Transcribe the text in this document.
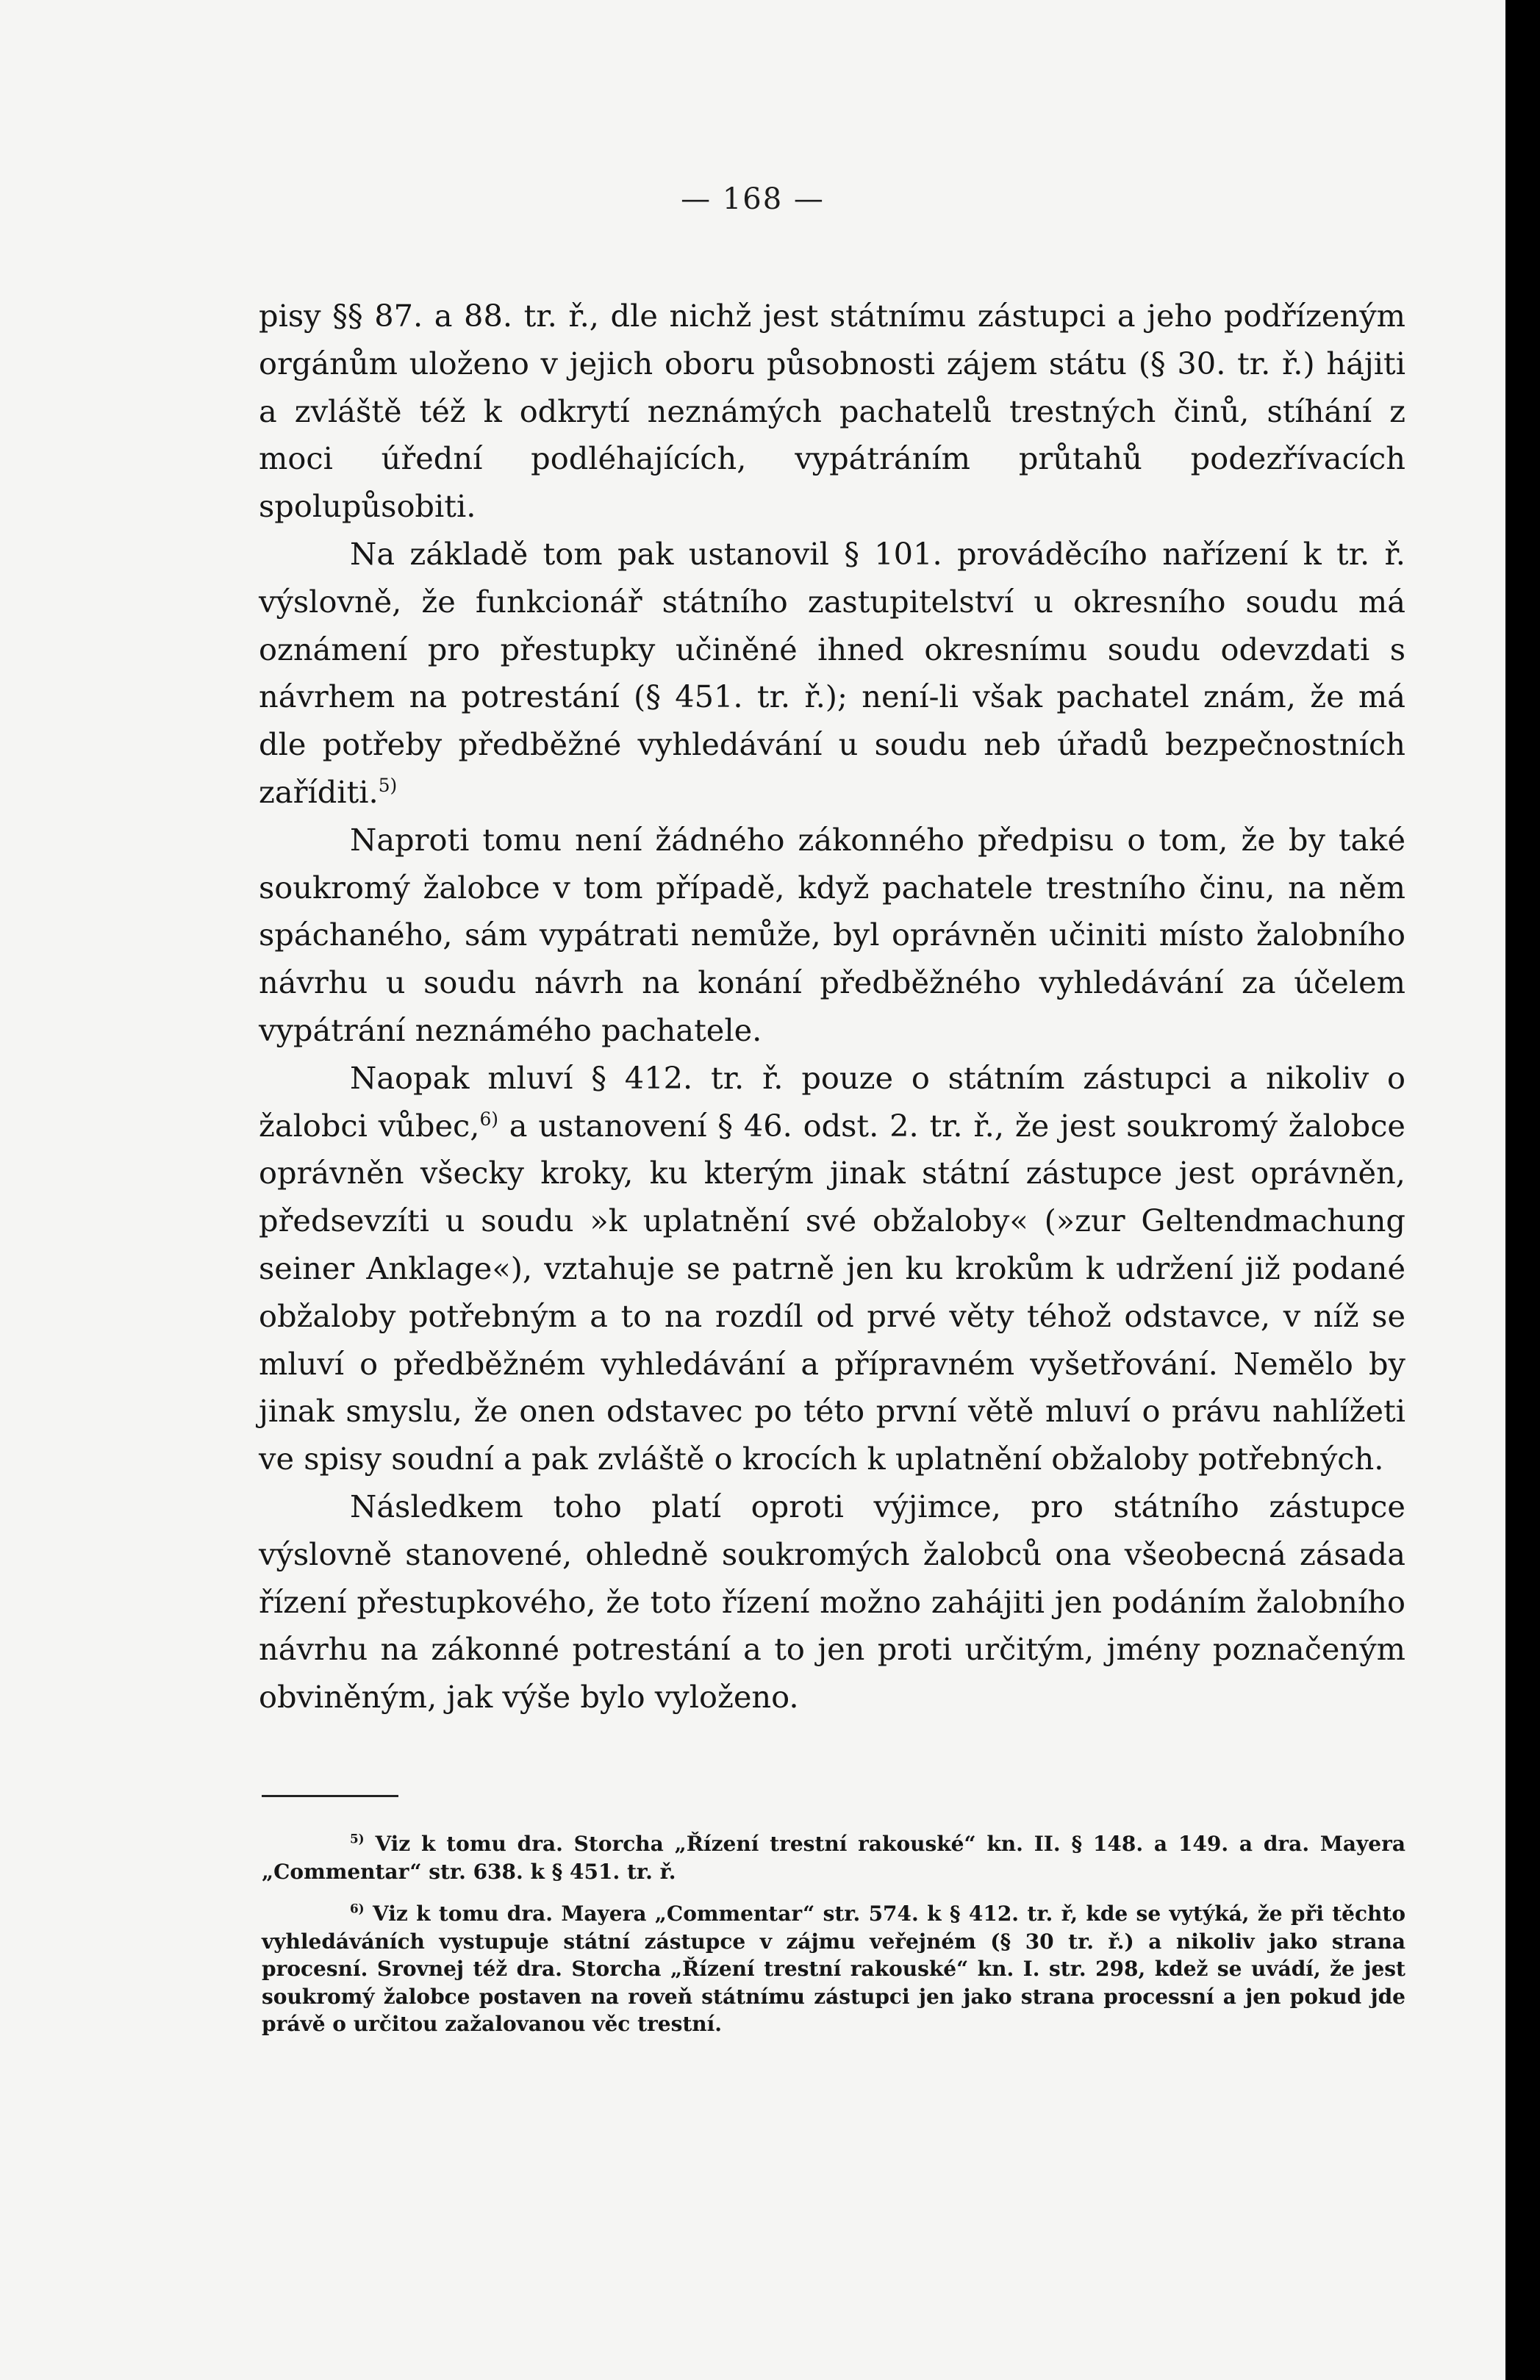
— 168 —

pisy §§ 87. a 88. tr. ř., dle nichž jest státnímu zástupci a jeho podřízeným orgánům uloženo v jejich oboru působnosti zájem státu (§ 30. tr. ř.) hájiti a zvláště též k odkrytí neznámých pachatelů trestných činů, stíhání z moci úřední podléhajících, vypátráním průtahů podezřívacích spolupůsobiti.

Na základě tom pak ustanovil § 101. prováděcího nařízení k tr. ř. výslovně, že funkcionář státního zastupitelství u okresního soudu má oznámení pro přestupky učiněné ihned okresnímu soudu odevzdati s návrhem na potrestání (§ 451. tr. ř.); není-li však pachatel znám, že má dle potřeby předběžné vyhledávání u soudu neb úřadů bezpečnostních zaříditi.$^{5)}$

Naproti tomu není žádného zákonného předpisu o tom, že by také soukromý žalobce v tom případě, když pachatele trestního činu, na něm spáchaného, sám vypátrati nemůže, byl oprávněn učiniti místo žalobního návrhu u soudu návrh na konání předběžného vyhledávání za účelem vypátrání neznámého pachatele.

Naopak mluví § 412. tr. ř. pouze o státním zástupci a nikoliv o žalobci vůbec,$^{6)}$ a ustanovení § 46. odst. 2. tr. ř., že jest soukromý žalobce oprávněn všecky kroky, ku kterým jinak státní zástupce jest oprávněn, předsevzíti u soudu »k uplatnění své obžaloby« (»zur Geltendmachung seiner Anklage«), vztahuje se patrně jen ku krokům k udržení již podané obžaloby potřebným a to na rozdíl od prvé věty téhož odstavce, v níž se mluví o předběžném vyhledávání a přípravném vyšetřování. Nemělo by jinak smyslu, že onen odstavec po této první větě mluví o právu nahlížeti ve spisy soudní a pak zvláště o krocích k uplatnění obžaloby potřebných.

Následkem toho platí oproti výjimce, pro státního zástupce výslovně stanovené, ohledně soukromých žalobců ona všeobecná zásada řízení přestupkového, že toto řízení možno zahájiti jen podáním žalobního návrhu na zákonné potrestání a to jen proti určitým, jmény poznačeným obviněným, jak výše bylo vyloženo.

$^{5)}$ Viz k tomu dra. Storcha „Řízení trestní rakouské“ kn. II. § 148. a 149. a dra. Mayera „Commentar“ str. 638. k § 451. tr. ř.

$^{6)}$ Viz k tomu dra. Mayera „Commentar“ str. 574. k § 412. tr. ř, kde se vytýká, že při těchto vyhledáváních vystupuje státní zástupce v zájmu veřejném (§ 30 tr. ř.) a nikoliv jako strana procesní. Srovnej též dra. Storcha „Řízení trestní rakouské“ kn. I. str. 298, kdež se uvádí, že jest soukromý žalobce postaven na roveň státnímu zástupci jen jako strana processní a jen pokud jde právě o určitou zažalovanou věc trestní.
